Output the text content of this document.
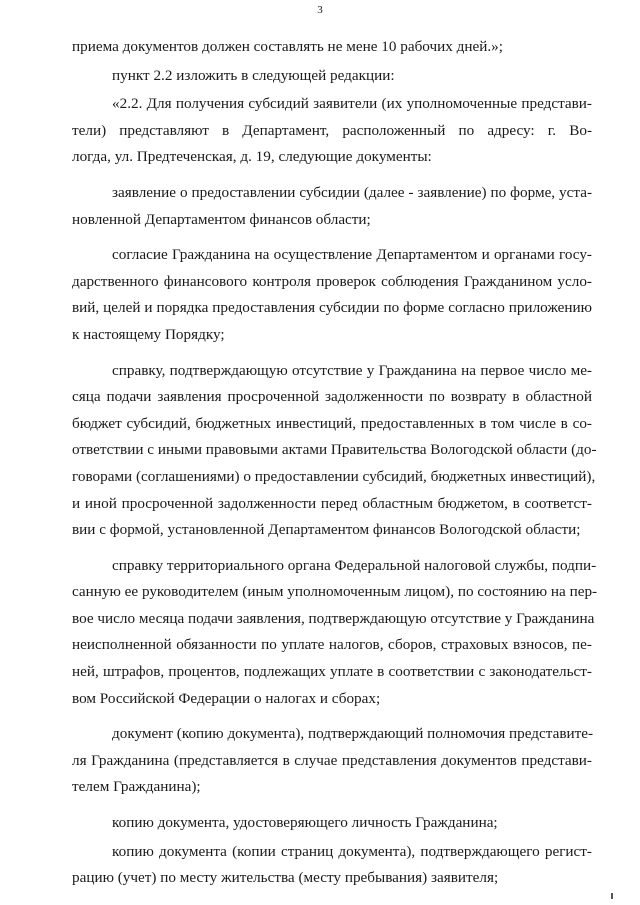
3

приема документов должен составлять не мене 10 рабочих дней.»;

пункт 2.2 изложить в следующей редакции:

«2.2. Для получения субсидий заявители (их уполномоченные представи-
тели) представляют в Департамент, расположенный по адресу: г. Во-
логда, ул. Предтеченская, д. 19, следующие документы:

заявление о предоставлении субсидии (далее - заявление) по форме, уста-
новленной Департаментом финансов области;

согласие Гражданина на осуществление Департаментом и органами госу-
дарственного финансового контроля проверок соблюдения Гражданином усло-
вий, целей и порядка предоставления субсидии по форме согласно приложению
к настоящему Порядку;

справку, подтверждающую отсутствие у Гражданина на первое число ме-
сяца подачи заявления просроченной задолженности по возврату в областной
бюджет субсидий, бюджетных инвестиций, предоставленных в том числе в со-
ответствии с иными правовыми актами Правительства Вологодской области (до-
говорами (соглашениями) о предоставлении субсидий, бюджетных инвестиций),
и иной просроченной задолженности перед областным бюджетом, в соответст-
вии с формой, установленной Департаментом финансов Вологодской области;

справку территориального органа Федеральной налоговой службы, подпи-
санную ее руководителем (иным уполномоченным лицом), по состоянию на пер-
вое число месяца подачи заявления, подтверждающую отсутствие у Гражданина
неисполненной обязанности по уплате налогов, сборов, страховых взносов, пе-
ней, штрафов, процентов, подлежащих уплате в соответствии с законодательст-
вом Российской Федерации о налогах и сборах;

документ (копию документа), подтверждающий полномочия представите-
ля Гражданина (представляется в случае представления документов представи-
телем Гражданина);

копию документа, удостоверяющего личность Гражданина;

копию документа (копии страниц документа), подтверждающего регист-
рацию (учет) по месту жительства (месту пребывания) заявителя;
